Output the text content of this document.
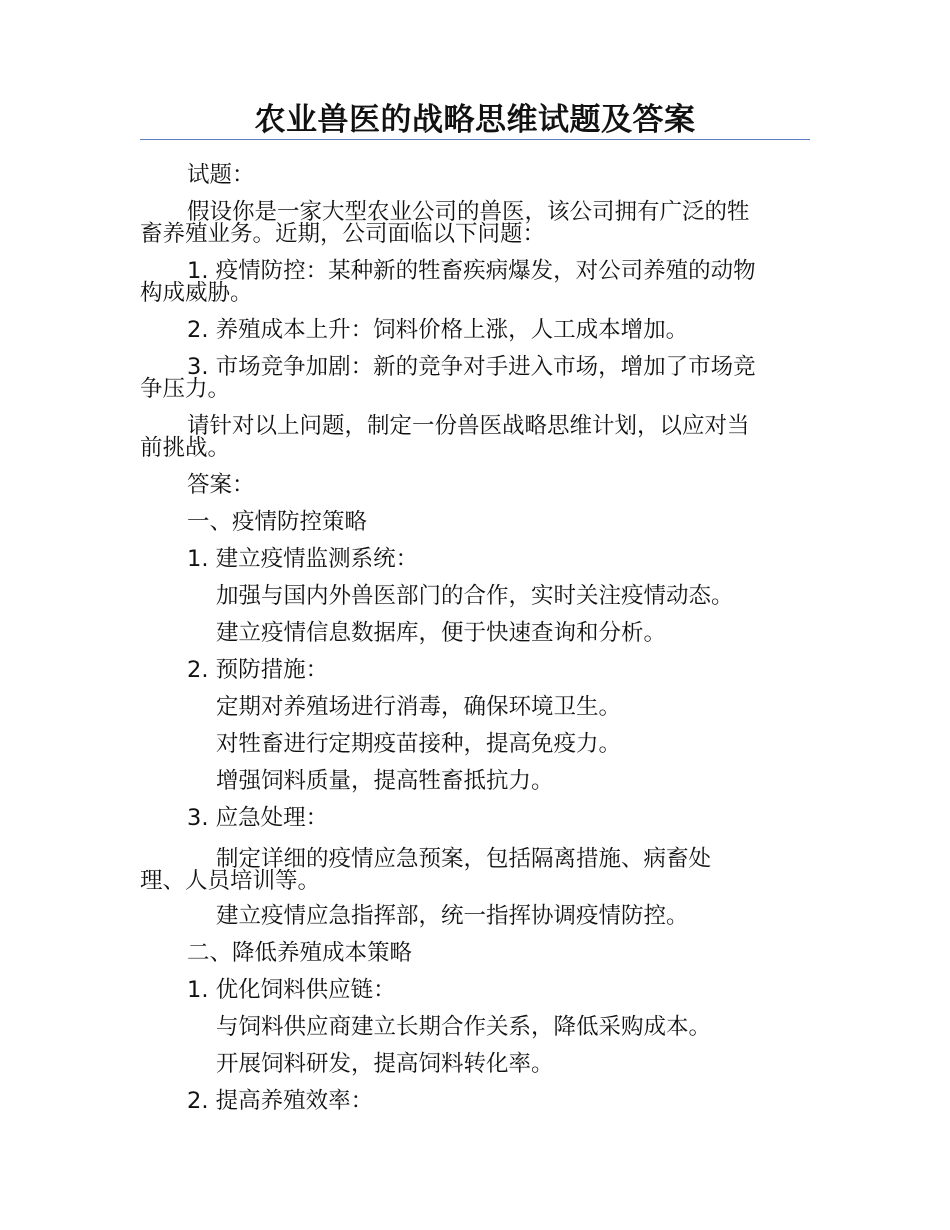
农业兽医的战略思维试题及答案
试题：
假设你是一家大型农业公司的兽医，该公司拥有广泛的牲
畜养殖业务。近期，公司面临以下问题：
1. 疫情防控：某种新的牲畜疾病爆发，对公司养殖的动物
构成威胁。
2. 养殖成本上升：饲料价格上涨，人工成本增加。
3. 市场竞争加剧：新的竞争对手进入市场，增加了市场竞
争压力。
请针对以上问题，制定一份兽医战略思维计划，以应对当
前挑战。
答案：
一、疫情防控策略
1. 建立疫情监测系统：
加强与国内外兽医部门的合作，实时关注疫情动态。
建立疫情信息数据库，便于快速查询和分析。
2. 预防措施：
定期对养殖场进行消毒，确保环境卫生。
对牲畜进行定期疫苗接种，提高免疫力。
增强饲料质量，提高牲畜抵抗力。
3. 应急处理：
制定详细的疫情应急预案，包括隔离措施、病畜处
理、人员培训等。
建立疫情应急指挥部，统一指挥协调疫情防控。
二、降低养殖成本策略
1. 优化饲料供应链：
与饲料供应商建立长期合作关系，降低采购成本。
开展饲料研发，提高饲料转化率。
2. 提高养殖效率：
